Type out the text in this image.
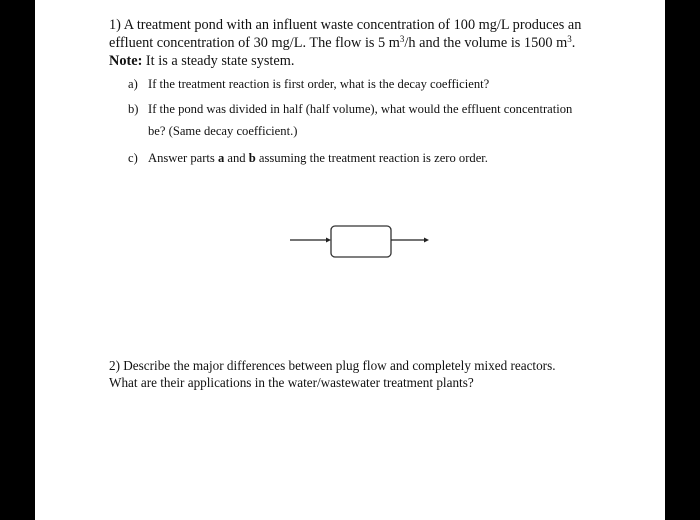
1) A treatment pond with an influent waste concentration of 100 mg/L produces an
effluent concentration of 30 mg/L. The flow is 5 $m^3/h$ and the volume is 1500 $m^3$.
Note: It is a steady state system.
a) If the treatment reaction is first order, what is the decay coefficient?
b) If the pond was divided in half (half volume), what would the effluent concentration
be? (Same decay coefficient.)
c) Answer parts a and b assuming the treatment reaction is zero order.

2) Describe the major differences between plug flow and completely mixed reactors.

What are their applications in the water/wastewater treatment plants?
